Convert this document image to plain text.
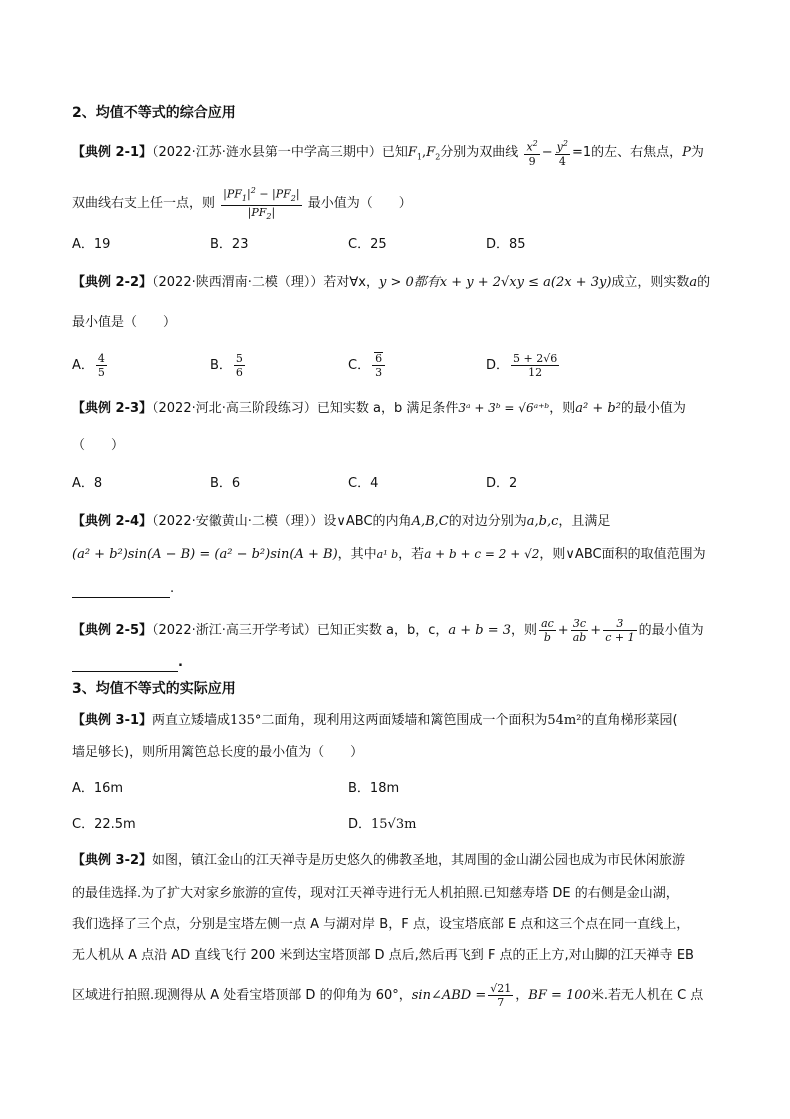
2、均值不等式的综合应用
【典例 2-1】（2022·江苏·涟水县第一中学高三期中）已知$F_1,F_2$分别为双曲线 $\frac{x^2}{9} - \frac{y^2}{4} =1$的左、右焦点，P为
双曲线右支上任一点，则 $\frac{|PF_1|^2 - |PF_2|}{|PF_2|}$ 最小值为（　　）
A．19	B．23	C．25	D．85
【典例 2-2】（2022·陕西渭南·二模（理））若对∀x，y > 0都有x + y + 2√xy ≤ a(2x + 3y)成立，则实数a的
最小值是（　　）
A． $\frac{4}{5}$	B． $\frac{5}{6}$	C． $\frac{6}{3}$	D． $\frac{5 + 2√6}{12}$
【典例 2-3】（2022·河北·高三阶段练习）已知实数 a，b 满足条件3ᵃ + 3ᵇ = √6ᵃ⁺ᵇ，则a² + b²的最小值为
（　　）
A．8	B．6	C．4	D．2
【典例 2-4】（2022·安徽黄山·二模（理））设∨ABC的内角A,B,C的对边分别为a,b,c，且满足
(a² + b²)sin(A − B) = (a² − b²)sin(A + B)，其中a¹ b，若a + b + c = 2 + √2，则∨ABC面积的取值范围为
.
【典例 2-5】（2022·浙江·高三开学考试）已知正实数 a，b，c，a + b = 3，则 $\frac{ac}{b} + \frac{3c}{ab} + \frac{3}{c + 1}$ 的最小值为
.
3、均值不等式的实际应用
【典例 3-1】两直立矮墙成135°二面角，现利用这两面矮墙和篱笆围成一个面积为54m²的直角梯形菜园(
墙足够长)，则所用篱笆总长度的最小值为（　　）
A．16m	B．18m
C．22.5m	D．15√3m
【典例 3-2】如图，镇江金山的江天禅寺是历史悠久的佛教圣地，其周围的金山湖公园也成为市民休闲旅游
的最佳选择.为了扩大对家乡旅游的宣传，现对江天禅寺进行无人机拍照.已知慈寿塔 DE 的右侧是金山湖，
我们选择了三个点，分别是宝塔左侧一点 A 与湖对岸 B，F 点，设宝塔底部 E 点和这三个点在同一直线上，
无人机从 A 点沿 AD 直线飞行 200 米到达宝塔顶部 D 点后,然后再飞到 F 点的正上方,对山脚的江天禅寺 EB
区域进行拍照.现测得从 A 处看宝塔顶部 D 的仰角为 60°，sin∠ABD = $\frac{√21}{7}$ ，BF = 100米.若无人机在 C 点
